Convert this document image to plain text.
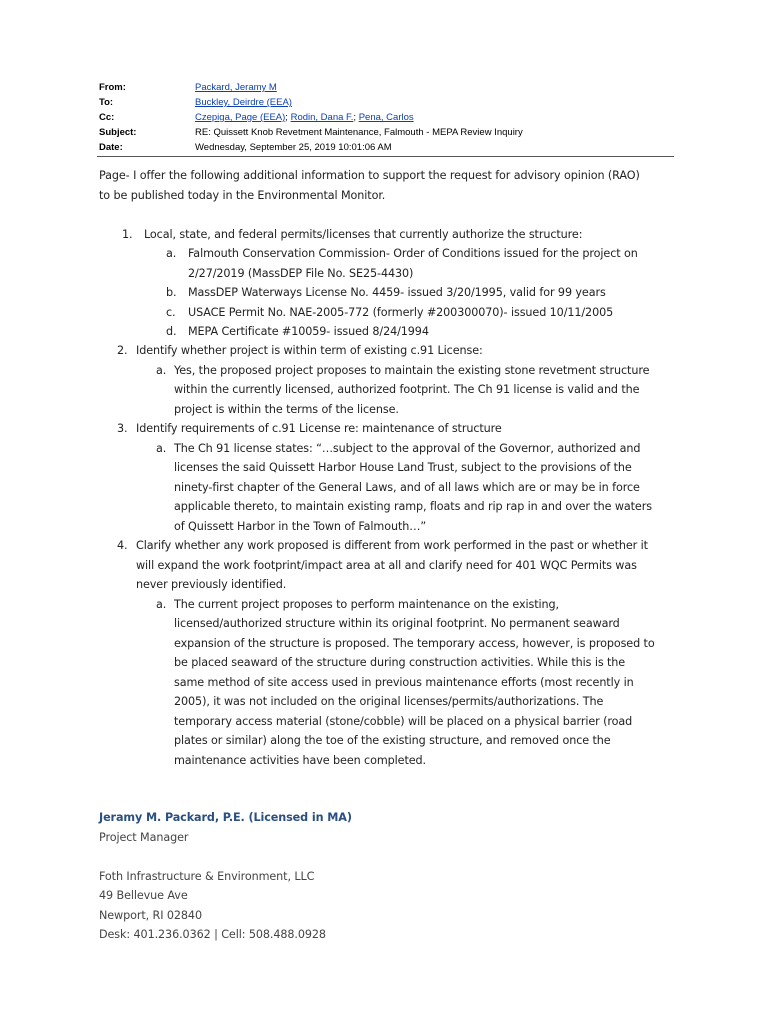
From:	Packard, Jeramy M
To:	Buckley, Deirdre (EEA)
Cc:	Czepiga, Page (EEA); Rodin, Dana F.; Pena, Carlos
Subject:	RE: Quissett Knob Revetment Maintenance, Falmouth - MEPA Review Inquiry
Date:	Wednesday, September 25, 2019 10:01:06 AM
Page- I offer the following additional information to support the request for advisory opinion (RAO)
to be published today in the Environmental Monitor.
1. Local, state, and federal permits/licenses that currently authorize the structure:
a. Falmouth Conservation Commission- Order of Conditions issued for the project on
2/27/2019 (MassDEP File No. SE25-4430)
b. MassDEP Waterways License No. 4459- issued 3/20/1995, valid for 99 years
c. USACE Permit No. NAE-2005-772 (formerly #200300070)- issued 10/11/2005
d. MEPA Certificate #10059- issued 8/24/1994
2. Identify whether project is within term of existing c.91 License:
a. Yes, the proposed project proposes to maintain the existing stone revetment structure
within the currently licensed, authorized footprint. The Ch 91 license is valid and the
project is within the terms of the license.
3. Identify requirements of c.91 License re: maintenance of structure
a. The Ch 91 license states: “…subject to the approval of the Governor, authorized and
licenses the said Quissett Harbor House Land Trust, subject to the provisions of the
ninety-first chapter of the General Laws, and of all laws which are or may be in force
applicable thereto, to maintain existing ramp, floats and rip rap in and over the waters
of Quissett Harbor in the Town of Falmouth…”
4. Clarify whether any work proposed is different from work performed in the past or whether it
will expand the work footprint/impact area at all and clarify need for 401 WQC Permits was
never previously identified.
a. The current project proposes to perform maintenance on the existing,
licensed/authorized structure within its original footprint. No permanent seaward
expansion of the structure is proposed. The temporary access, however, is proposed to
be placed seaward of the structure during construction activities. While this is the
same method of site access used in previous maintenance efforts (most recently in
2005), it was not included on the original licenses/permits/authorizations. The
temporary access material (stone/cobble) will be placed on a physical barrier (road
plates or similar) along the toe of the existing structure, and removed once the
maintenance activities have been completed.
Jeramy M. Packard, P.E. (Licensed in MA)
Project Manager
Foth Infrastructure & Environment, LLC
49 Bellevue Ave
Newport, RI 02840
Desk: 401.236.0362 | Cell: 508.488.0928
